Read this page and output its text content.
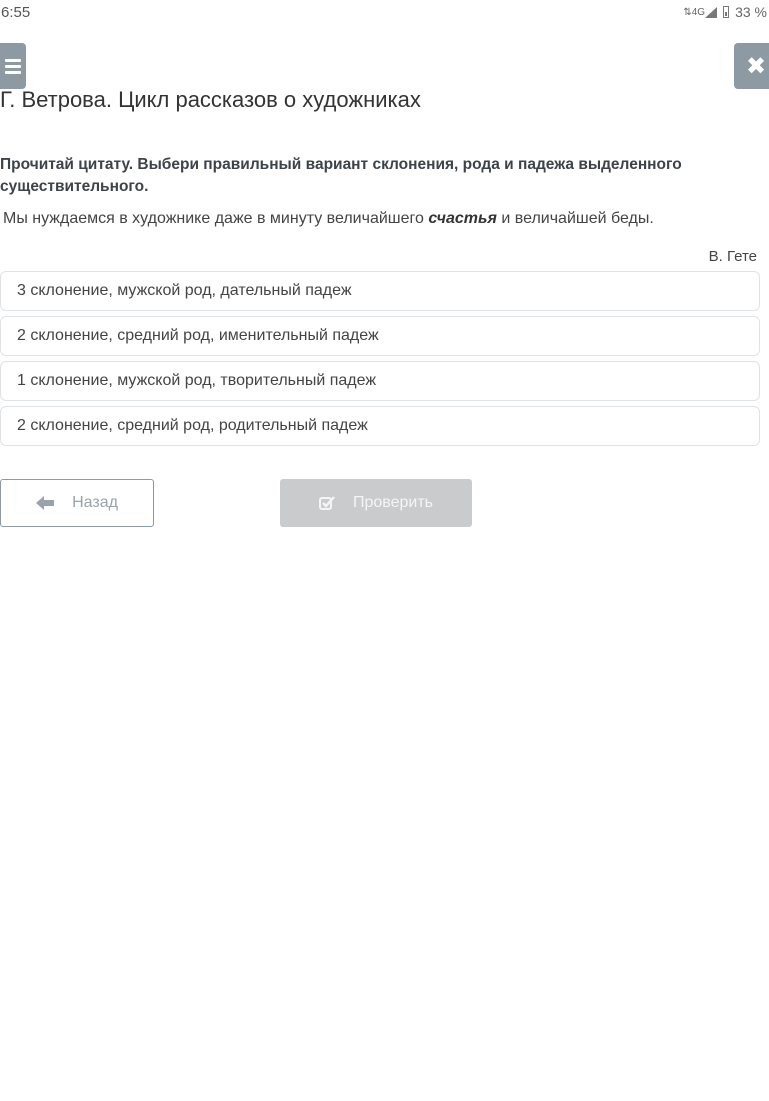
6:55	⇅ 4G 33 %
✖
Г. Ветрова. Цикл рассказов о художниках
Прочитай цитату. Выбери правильный вариант склонения, рода и падежа выделенного существительного.
Мы нуждаемся в художнике даже в минуту величайшего счастья и величайшей беды.
В. Гете
3 склонение, мужской род, дательный падеж
2 склонение, средний род, именительный падеж
1 склонение, мужской род, творительный падеж
2 склонение, средний род, родительный падеж
Назад	Проверить
